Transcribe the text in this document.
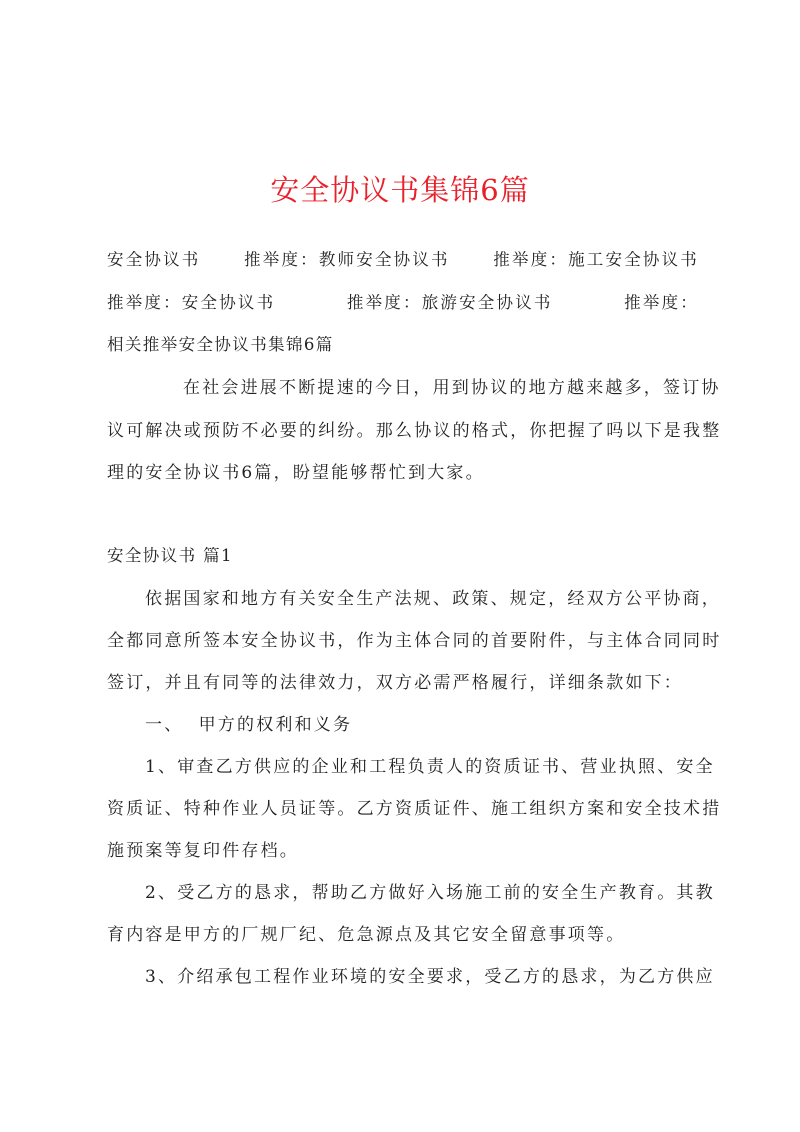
安全协议书集锦6篇
安全协议书	推举度：教师安全协议书	推举度：施工安全协议书
推举度：安全协议书	推举度：旅游安全协议书	推举度：
相关推举安全协议书集锦6篇
在社会进展不断提速的今日，用到协议的地方越来越多，签订协
议可解决或预防不必要的纠纷。那么协议的格式，你把握了吗以下是我整
理的安全协议书6篇，盼望能够帮忙到大家。
安全协议书 篇1
依据国家和地方有关安全生产法规、政策、规定，经双方公平协商，
全都同意所签本安全协议书，作为主体合同的首要附件，与主体合同同时
签订，并且有同等的法律效力，双方必需严格履行，详细条款如下：
一、  甲方的权利和义务
1、审查乙方供应的企业和工程负责人的资质证书、营业执照、安全
资质证、特种作业人员证等。乙方资质证件、施工组织方案和安全技术措
施预案等复印件存档。
2、受乙方的恳求，帮助乙方做好入场施工前的安全生产教育。其教
育内容是甲方的厂规厂纪、危急源点及其它安全留意事项等。
3、介绍承包工程作业环境的安全要求，受乙方的恳求，为乙方供应
